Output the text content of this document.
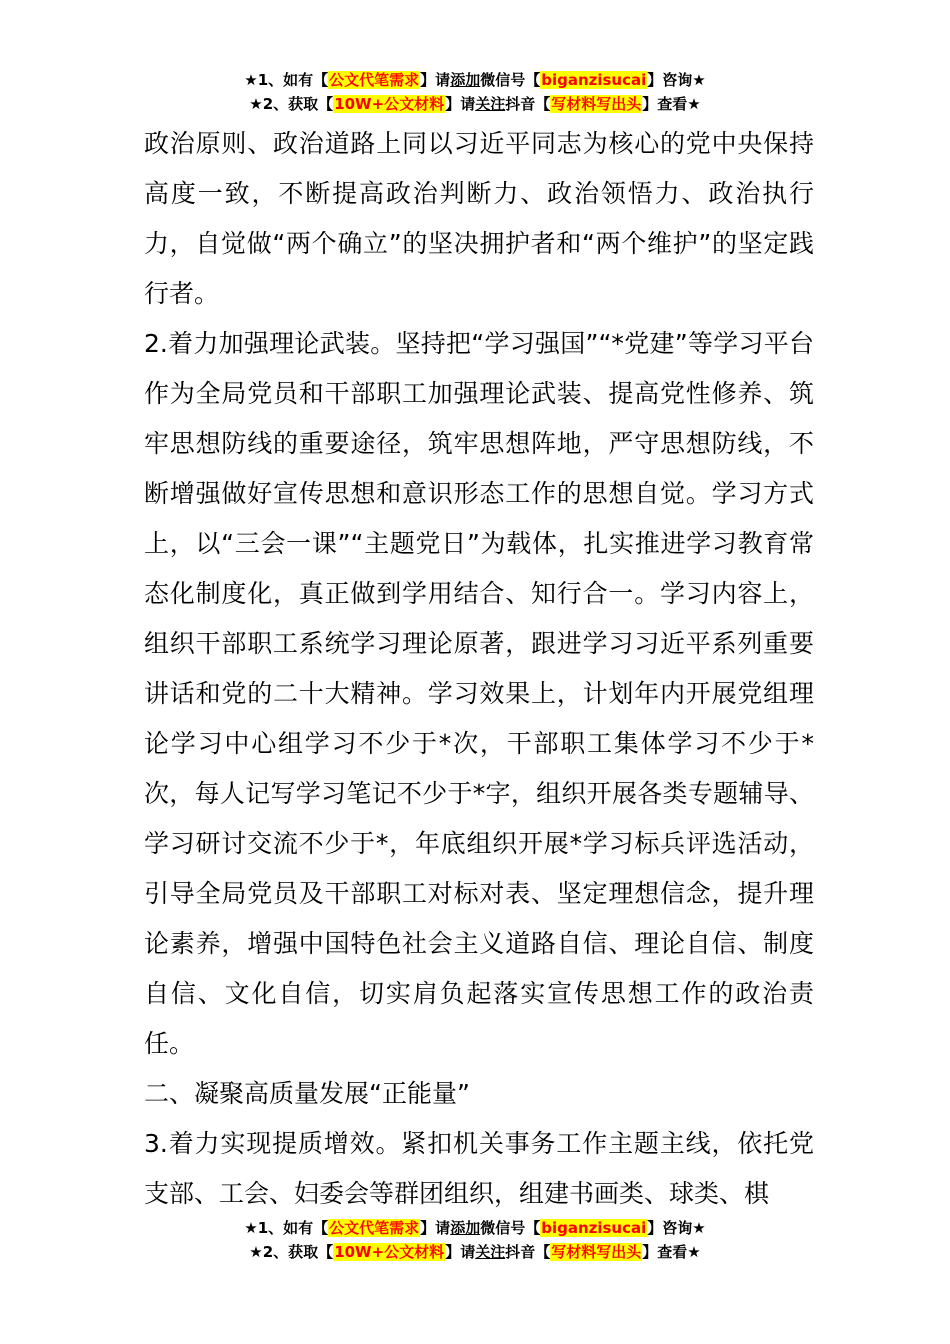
★1、如有【公文代笔需求】请添加微信号【biganzisucai】咨询★
★2、获取【10W+公文材料】请关注抖音【写材料写出头】查看★

政治原则、政治道路上同以习近平同志为核心的党中央保持高度一致，不断提高政治判断力、政治领悟力、政治执行力，自觉做“两个确立”的坚决拥护者和“两个维护”的坚定践行者。

2.着力加强理论武装。坚持把“学习强国”“*党建”等学习平台作为全局党员和干部职工加强理论武装、提高党性修养、筑牢思想防线的重要途径，筑牢思想阵地，严守思想防线，不断增强做好宣传思想和意识形态工作的思想自觉。学习方式上，以“三会一课”“主题党日”为载体，扎实推进学习教育常态化制度化，真正做到学用结合、知行合一。学习内容上，组织干部职工系统学习理论原著，跟进学习习近平系列重要讲话和党的二十大精神。学习效果上，计划年内开展党组理论学习中心组学习不少于*次，干部职工集体学习不少于*次，每人记写学习笔记不少于*字，组织开展各类专题辅导、学习研讨交流不少于*，年底组织开展*学习标兵评选活动，引导全局党员及干部职工对标对表、坚定理想信念，提升理论素养，增强中国特色社会主义道路自信、理论自信、制度自信、文化自信，切实肩负起落实宣传思想工作的政治责任。

二、凝聚高质量发展“正能量”

3.着力实现提质增效。紧扣机关事务工作主题主线，依托党支部、工会、妇委会等群团组织，组建书画类、球类、棋

★1、如有【公文代笔需求】请添加微信号【biganzisucai】咨询★
★2、获取【10W+公文材料】请关注抖音【写材料写出头】查看★
